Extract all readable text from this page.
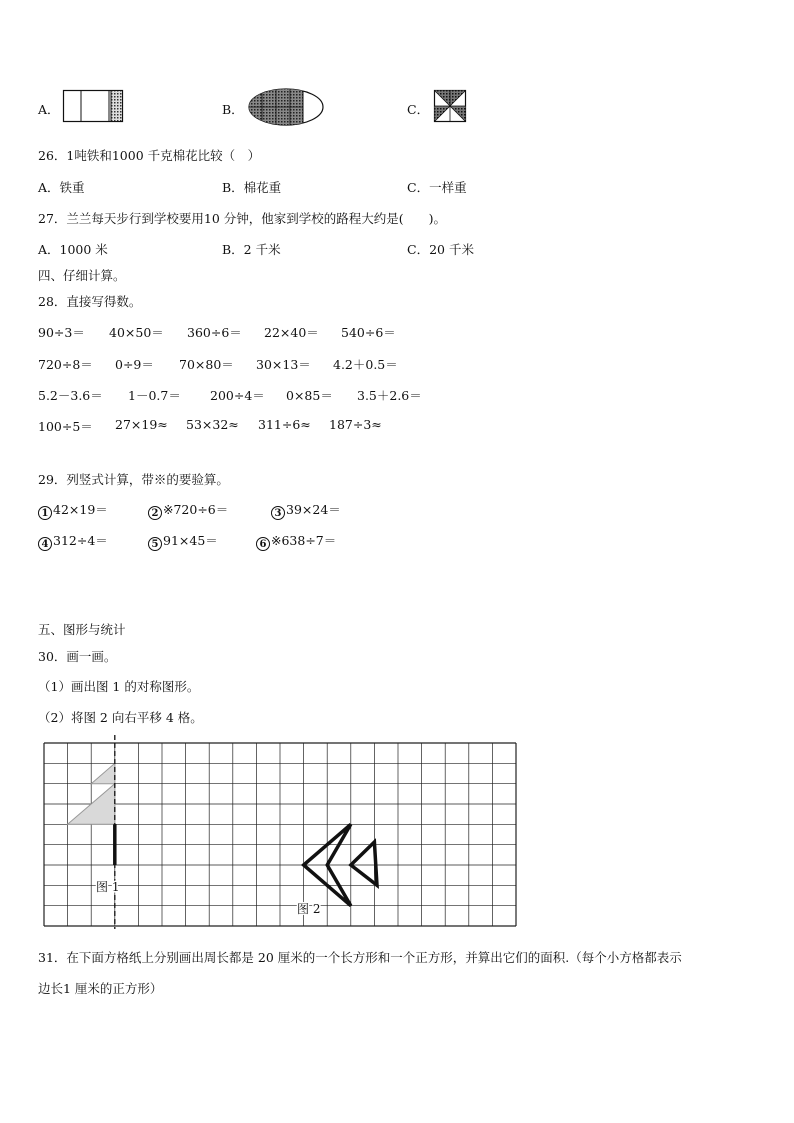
A．	B．	C．
26．1吨铁和1000 千克棉花比较（　）
A．铁重	B．棉花重	C．一样重
27．兰兰每天步行到学校要用10 分钟，他家到学校的路程大约是(　　)。
A．1000 米	B．2 千米	C．20 千米
四、仔细计算。
28．直接写得数。
90÷3＝ 40×50＝ 360÷6＝ 22×40＝ 540÷6＝
720÷8＝ 0÷9＝ 70×80＝ 30×13＝ 4.2＋0.5＝
5.2－3.6＝ 1－0.7＝ 200÷4＝ 0×85＝ 3.5＋2.6＝
100÷5＝ 27×19≈ 53×32≈ 311÷6≈ 187÷3≈
29．列竖式计算，带※的要验算。
1 42×19＝	2 ※720÷6＝	3 39×24＝
4 312÷4＝	5 91×45＝	6 ※638÷7＝
五、图形与统计
30．画一画。
（1）画出图 1 的对称图形。
（2）将图 2 向右平移 4 格。
图 1
图 2
31．在下面方格纸上分别画出周长都是 20 厘米的一个长方形和一个正方形，并算出它们的面积.（每个小方格都表示
边长1 厘米的正方形）
